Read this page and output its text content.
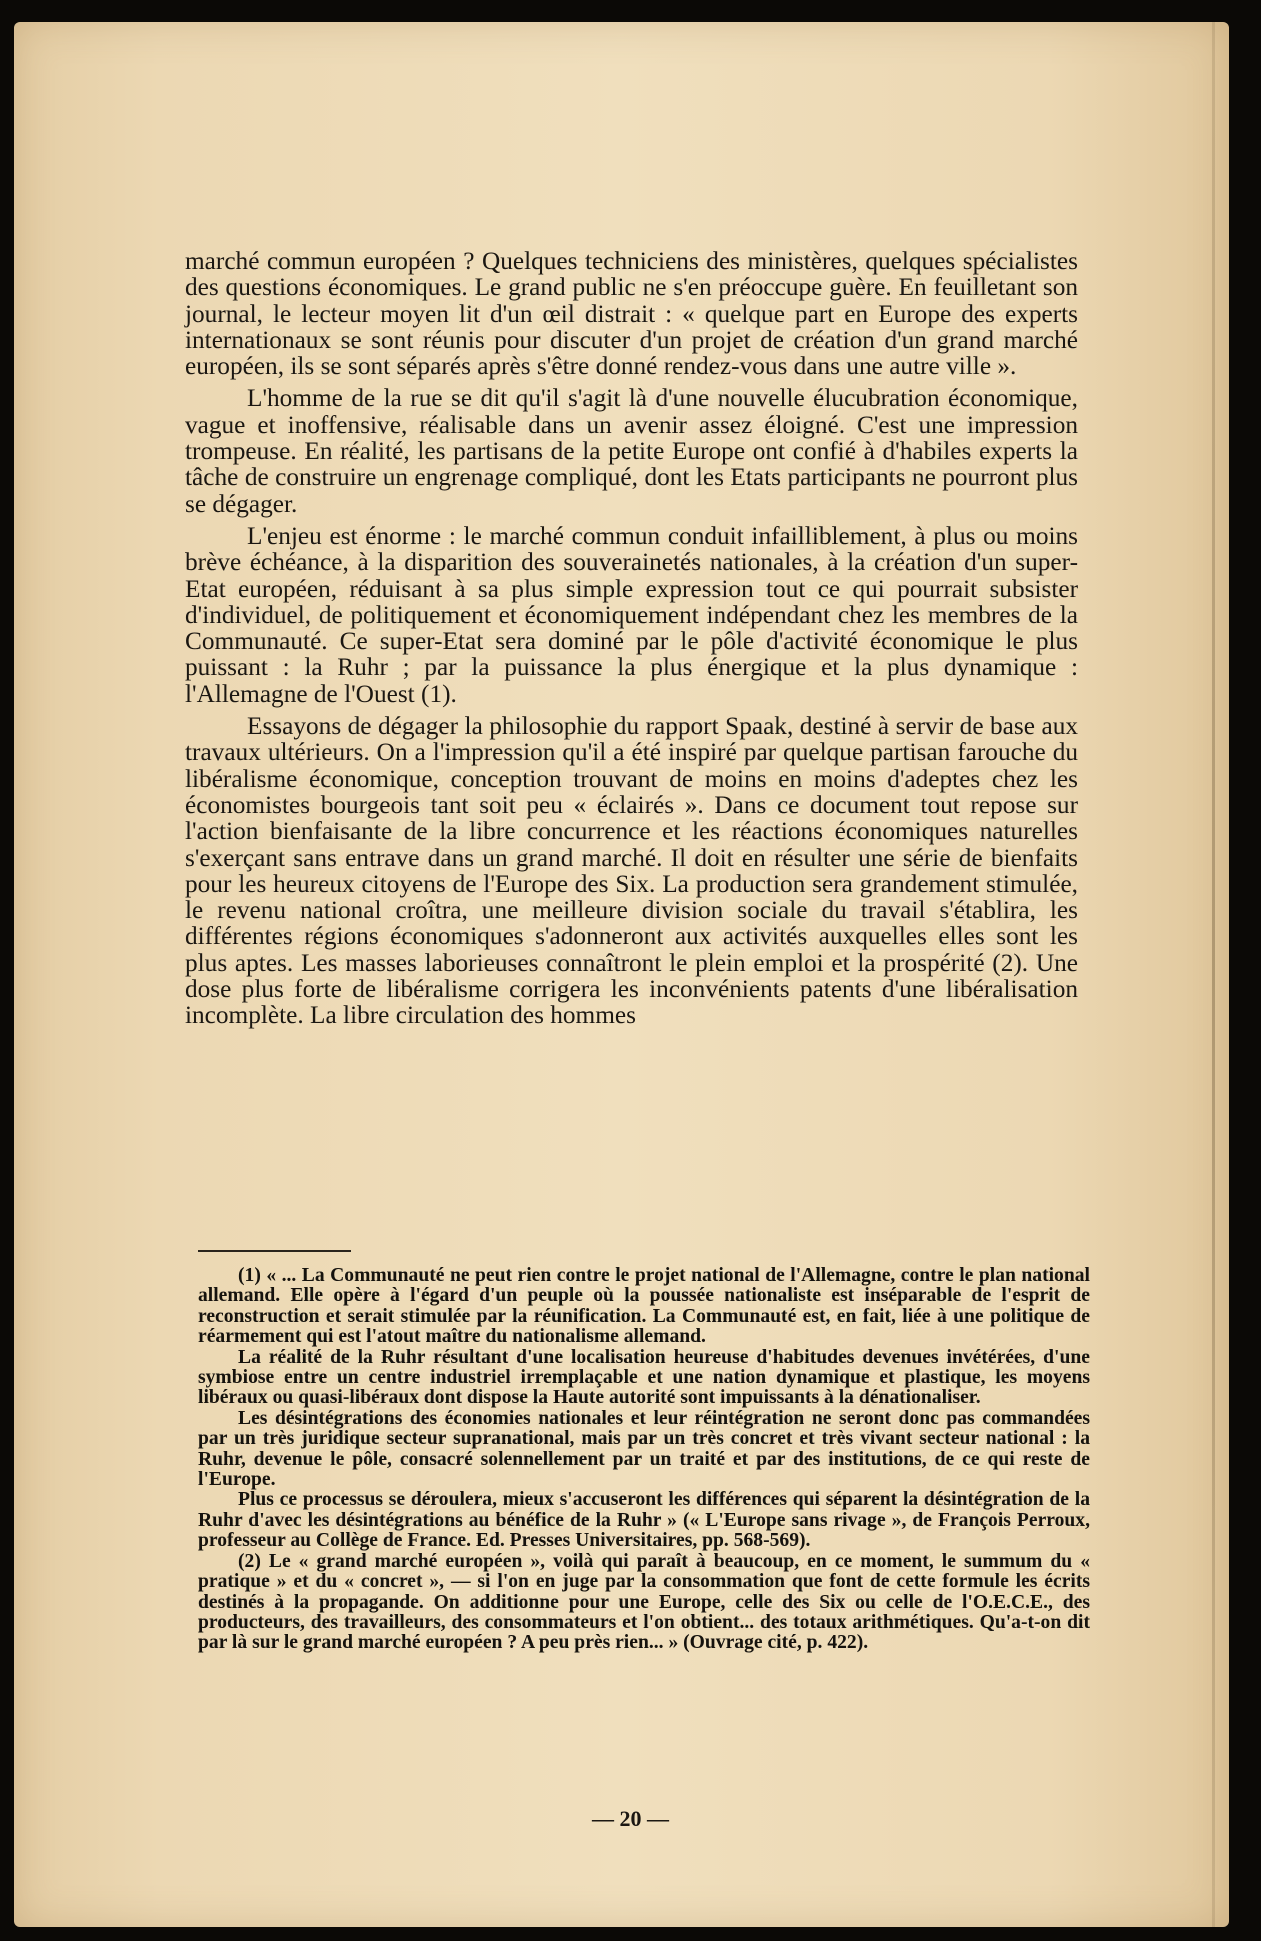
marché commun européen ? Quelques techniciens des ministères, quelques spécialistes des questions économiques. Le grand public ne s'en préoccupe guère. En feuilletant son journal, le lecteur moyen lit d'un œil distrait : « quelque part en Europe des experts internationaux se sont réunis pour discuter d'un projet de création d'un grand marché européen, ils se sont séparés après s'être donné rendez-vous dans une autre ville ».

L'homme de la rue se dit qu'il s'agit là d'une nouvelle élucubration économique, vague et inoffensive, réalisable dans un avenir assez éloigné. C'est une impression trompeuse. En réalité, les partisans de la petite Europe ont confié à d'habiles experts la tâche de construire un engrenage compliqué, dont les Etats participants ne pourront plus se dégager.

L'enjeu est énorme : le marché commun conduit infailliblement, à plus ou moins brève échéance, à la disparition des souverainetés nationales, à la création d'un super-Etat européen, réduisant à sa plus simple expression tout ce qui pourrait subsister d'individuel, de politiquement et économiquement indépendant chez les membres de la Communauté. Ce super-Etat sera dominé par le pôle d'activité économique le plus puissant : la Ruhr ; par la puissance la plus énergique et la plus dynamique : l'Allemagne de l'Ouest (1).

Essayons de dégager la philosophie du rapport Spaak, destiné à servir de base aux travaux ultérieurs. On a l'impression qu'il a été inspiré par quelque partisan farouche du libéralisme économique, conception trouvant de moins en moins d'adeptes chez les économistes bourgeois tant soit peu « éclairés ». Dans ce document tout repose sur l'action bienfaisante de la libre concurrence et les réactions économiques naturelles s'exerçant sans entrave dans un grand marché. Il doit en résulter une série de bienfaits pour les heureux citoyens de l'Europe des Six. La production sera grandement stimulée, le revenu national croîtra, une meilleure division sociale du travail s'établira, les différentes régions économiques s'adonneront aux activités auxquelles elles sont les plus aptes. Les masses laborieuses connaîtront le plein emploi et la prospérité (2). Une dose plus forte de libéralisme corrigera les inconvénients patents d'une libéralisation incomplète. La libre circulation des hommes

(1) « ... La Communauté ne peut rien contre le projet national de l'Allemagne, contre le plan national allemand. Elle opère à l'égard d'un peuple où la poussée nationaliste est inséparable de l'esprit de reconstruction et serait stimulée par la réunification. La Communauté est, en fait, liée à une politique de réarmement qui est l'atout maître du nationalisme allemand.

La réalité de la Ruhr résultant d'une localisation heureuse d'habitudes devenues invétérées, d'une symbiose entre un centre industriel irremplaçable et une nation dynamique et plastique, les moyens libéraux ou quasi-libéraux dont dispose la Haute autorité sont impuissants à la dénationaliser.

Les désintégrations des économies nationales et leur réintégration ne seront donc pas commandées par un très juridique secteur supranational, mais par un très concret et très vivant secteur national : la Ruhr, devenue le pôle, consacré solennellement par un traité et par des institutions, de ce qui reste de l'Europe.

Plus ce processus se déroulera, mieux s'accuseront les différences qui séparent la désintégration de la Ruhr d'avec les désintégrations au bénéfice de la Ruhr » (« L'Europe sans rivage », de François Perroux, professeur au Collège de France. Ed. Presses Universitaires, pp. 568-569).

(2) Le « grand marché européen », voilà qui paraît à beaucoup, en ce moment, le summum du « pratique » et du « concret », — si l'on en juge par la consommation que font de cette formule les écrits destinés à la propagande. On additionne pour une Europe, celle des Six ou celle de l'O.E.C.E., des producteurs, des travailleurs, des consommateurs et l'on obtient... des totaux arithmétiques. Qu'a-t-on dit par là sur le grand marché européen ? A peu près rien... » (Ouvrage cité, p. 422).

— 20 —
